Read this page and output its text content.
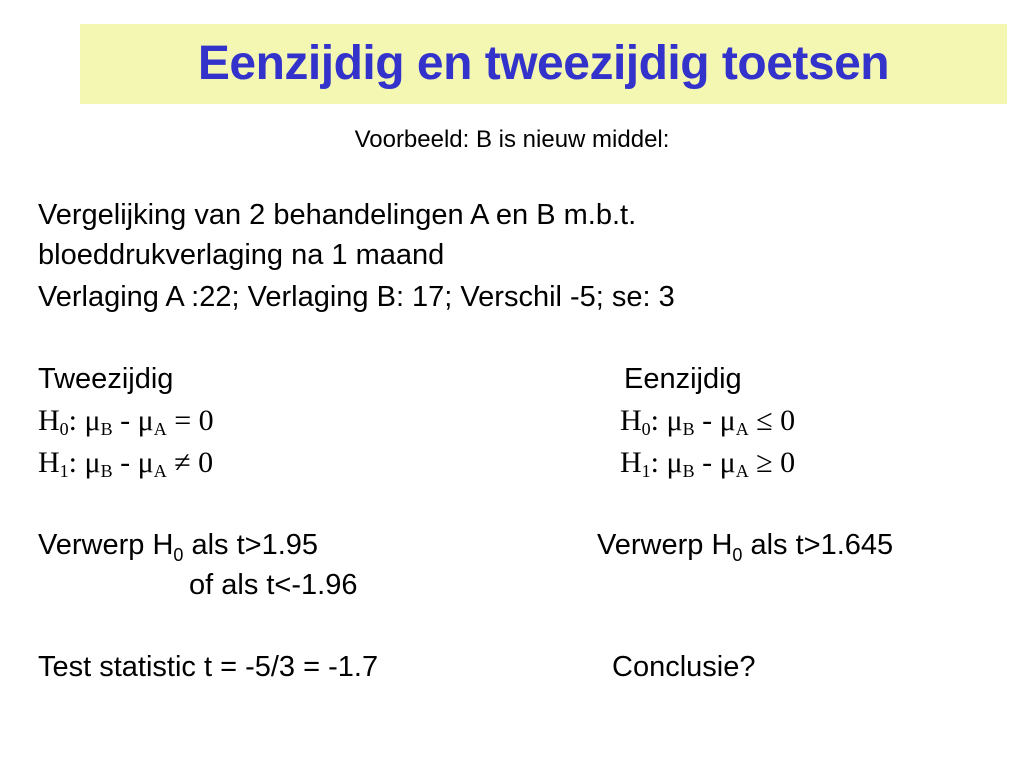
Eenzijdig en tweezijdig toetsen
Voorbeeld: B is nieuw middel:
Vergelijking van 2 behandelingen A en B m.b.t.
bloeddrukverlaging na 1 maand
Verlaging A :22; Verlaging B: 17; Verschil -5; se: 3
Tweezijdig
$H_0$: $\mu_B - \mu_A = 0$
$H_1$: $\mu_B - \mu_A \ne 0$
Verwerp $H_0$ als t>1.95
of als t<-1.96
Test statistic t = -5/3 = -1.7
Eenzijdig
$H_0$: $\mu_B - \mu_A \le 0$
$H_1$: $\mu_B - \mu_A \ge 0$
Verwerp $H_0$ als t>1.645
Conclusie?
